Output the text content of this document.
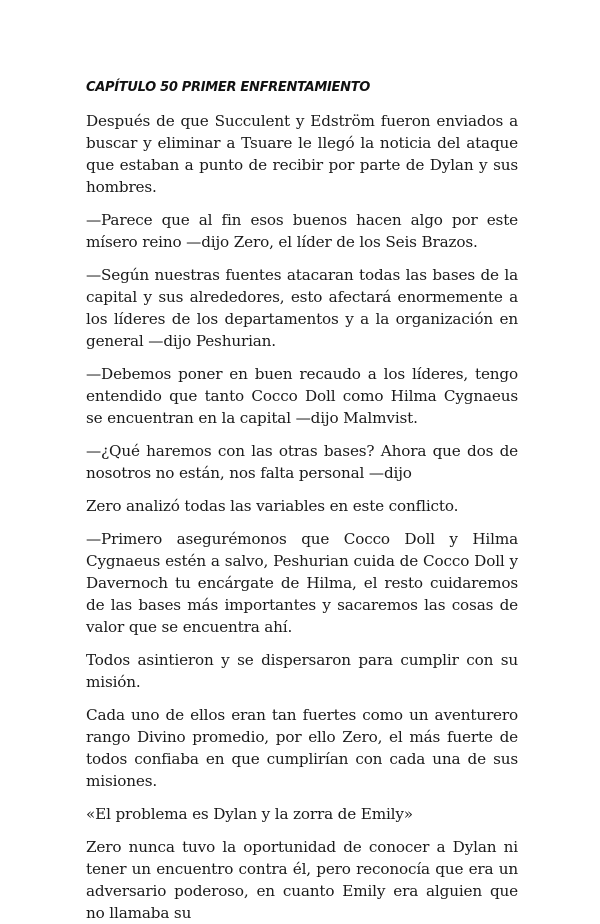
CAPÍTULO 50 PRIMER ENFRENTAMIENTO

Después de que Succulent y Edström fueron enviados a buscar y eliminar a Tsuare le llegó la noticia del ataque que estaban a punto de recibir por parte de Dylan y sus hombres.

—Parece que al fin esos buenos hacen algo por este mísero reino —dijo Zero, el líder de los Seis Brazos.

—Según nuestras fuentes atacaran todas las bases de la capital y sus alrededores, esto afectará enormemente a los líderes de los departamentos y a la organización en general —dijo Peshurian.

—Debemos poner en buen recaudo a los líderes, tengo entendido que tanto Cocco Doll como Hilma Cygnaeus se encuentran en la capital —dijo Malmvist.

—¿Qué haremos con las otras bases? Ahora que dos de nosotros no están, nos falta personal —dijo

Zero analizó todas las variables en este conflicto.

—Primero asegurémonos que Cocco Doll y Hilma Cygnaeus estén a salvo, Peshurian cuida de Cocco Doll y Davernoch tu encárgate de Hilma, el resto cuidaremos de las bases más importantes y sacaremos las cosas de valor que se encuentra ahí.

Todos asintieron y se dispersaron para cumplir con su misión.

Cada uno de ellos eran tan fuertes como un aventurero rango Divino promedio, por ello Zero, el más fuerte de todos confiaba en que cumplirían con cada una de sus misiones.

«El problema es Dylan y la zorra de Emily»

Zero nunca tuvo la oportunidad de conocer a Dylan ni tener un encuentro contra él, pero reconocía que era un adversario poderoso, en cuanto Emily era alguien que no llamaba su
